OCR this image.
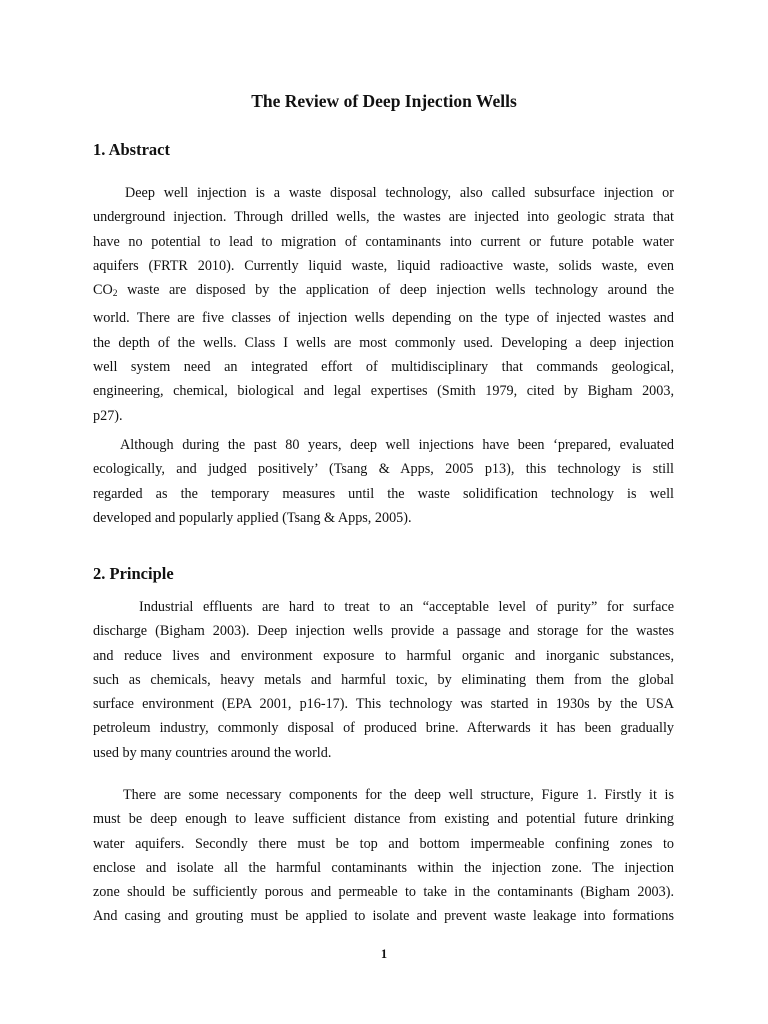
The Review of Deep Injection Wells
1. Abstract
Deep well injection is a waste disposal technology, also called subsurface injection or
underground injection. Through drilled wells, the wastes are injected into geologic strata that
have no potential to lead to migration of contaminants into current or future potable water
aquifers (FRTR 2010). Currently liquid waste, liquid radioactive waste, solids waste, even
$CO_2$ waste are disposed by the application of deep injection wells technology around the
world. There are five classes of injection wells depending on the type of injected wastes and
the depth of the wells. Class I wells are most commonly used. Developing a deep injection
well system need an integrated effort of multidisciplinary that commands geological,
engineering, chemical, biological and legal expertises (Smith 1979, cited by Bigham 2003,
p27).
Although during the past 80 years, deep well injections have been ‘prepared, evaluated
ecologically, and judged positively’ (Tsang & Apps, 2005 p13), this technology is still
regarded as the temporary measures until the waste solidification technology is well
developed and popularly applied (Tsang & Apps, 2005).
2. Principle
Industrial effluents are hard to treat to an “acceptable level of purity” for surface
discharge (Bigham 2003). Deep injection wells provide a passage and storage for the wastes
and reduce lives and environment exposure to harmful organic and inorganic substances,
such as chemicals, heavy metals and harmful toxic, by eliminating them from the global
surface environment (EPA 2001, p16-17). This technology was started in 1930s by the USA
petroleum industry, commonly disposal of produced brine. Afterwards it has been gradually
used by many countries around the world.
There are some necessary components for the deep well structure, Figure 1. Firstly it is
must be deep enough to leave sufficient distance from existing and potential future drinking
water aquifers. Secondly there must be top and bottom impermeable confining zones to
enclose and isolate all the harmful contaminants within the injection zone. The injection
zone should be sufficiently porous and permeable to take in the contaminants (Bigham 2003).
And casing and grouting must be applied to isolate and prevent waste leakage into formations
1
